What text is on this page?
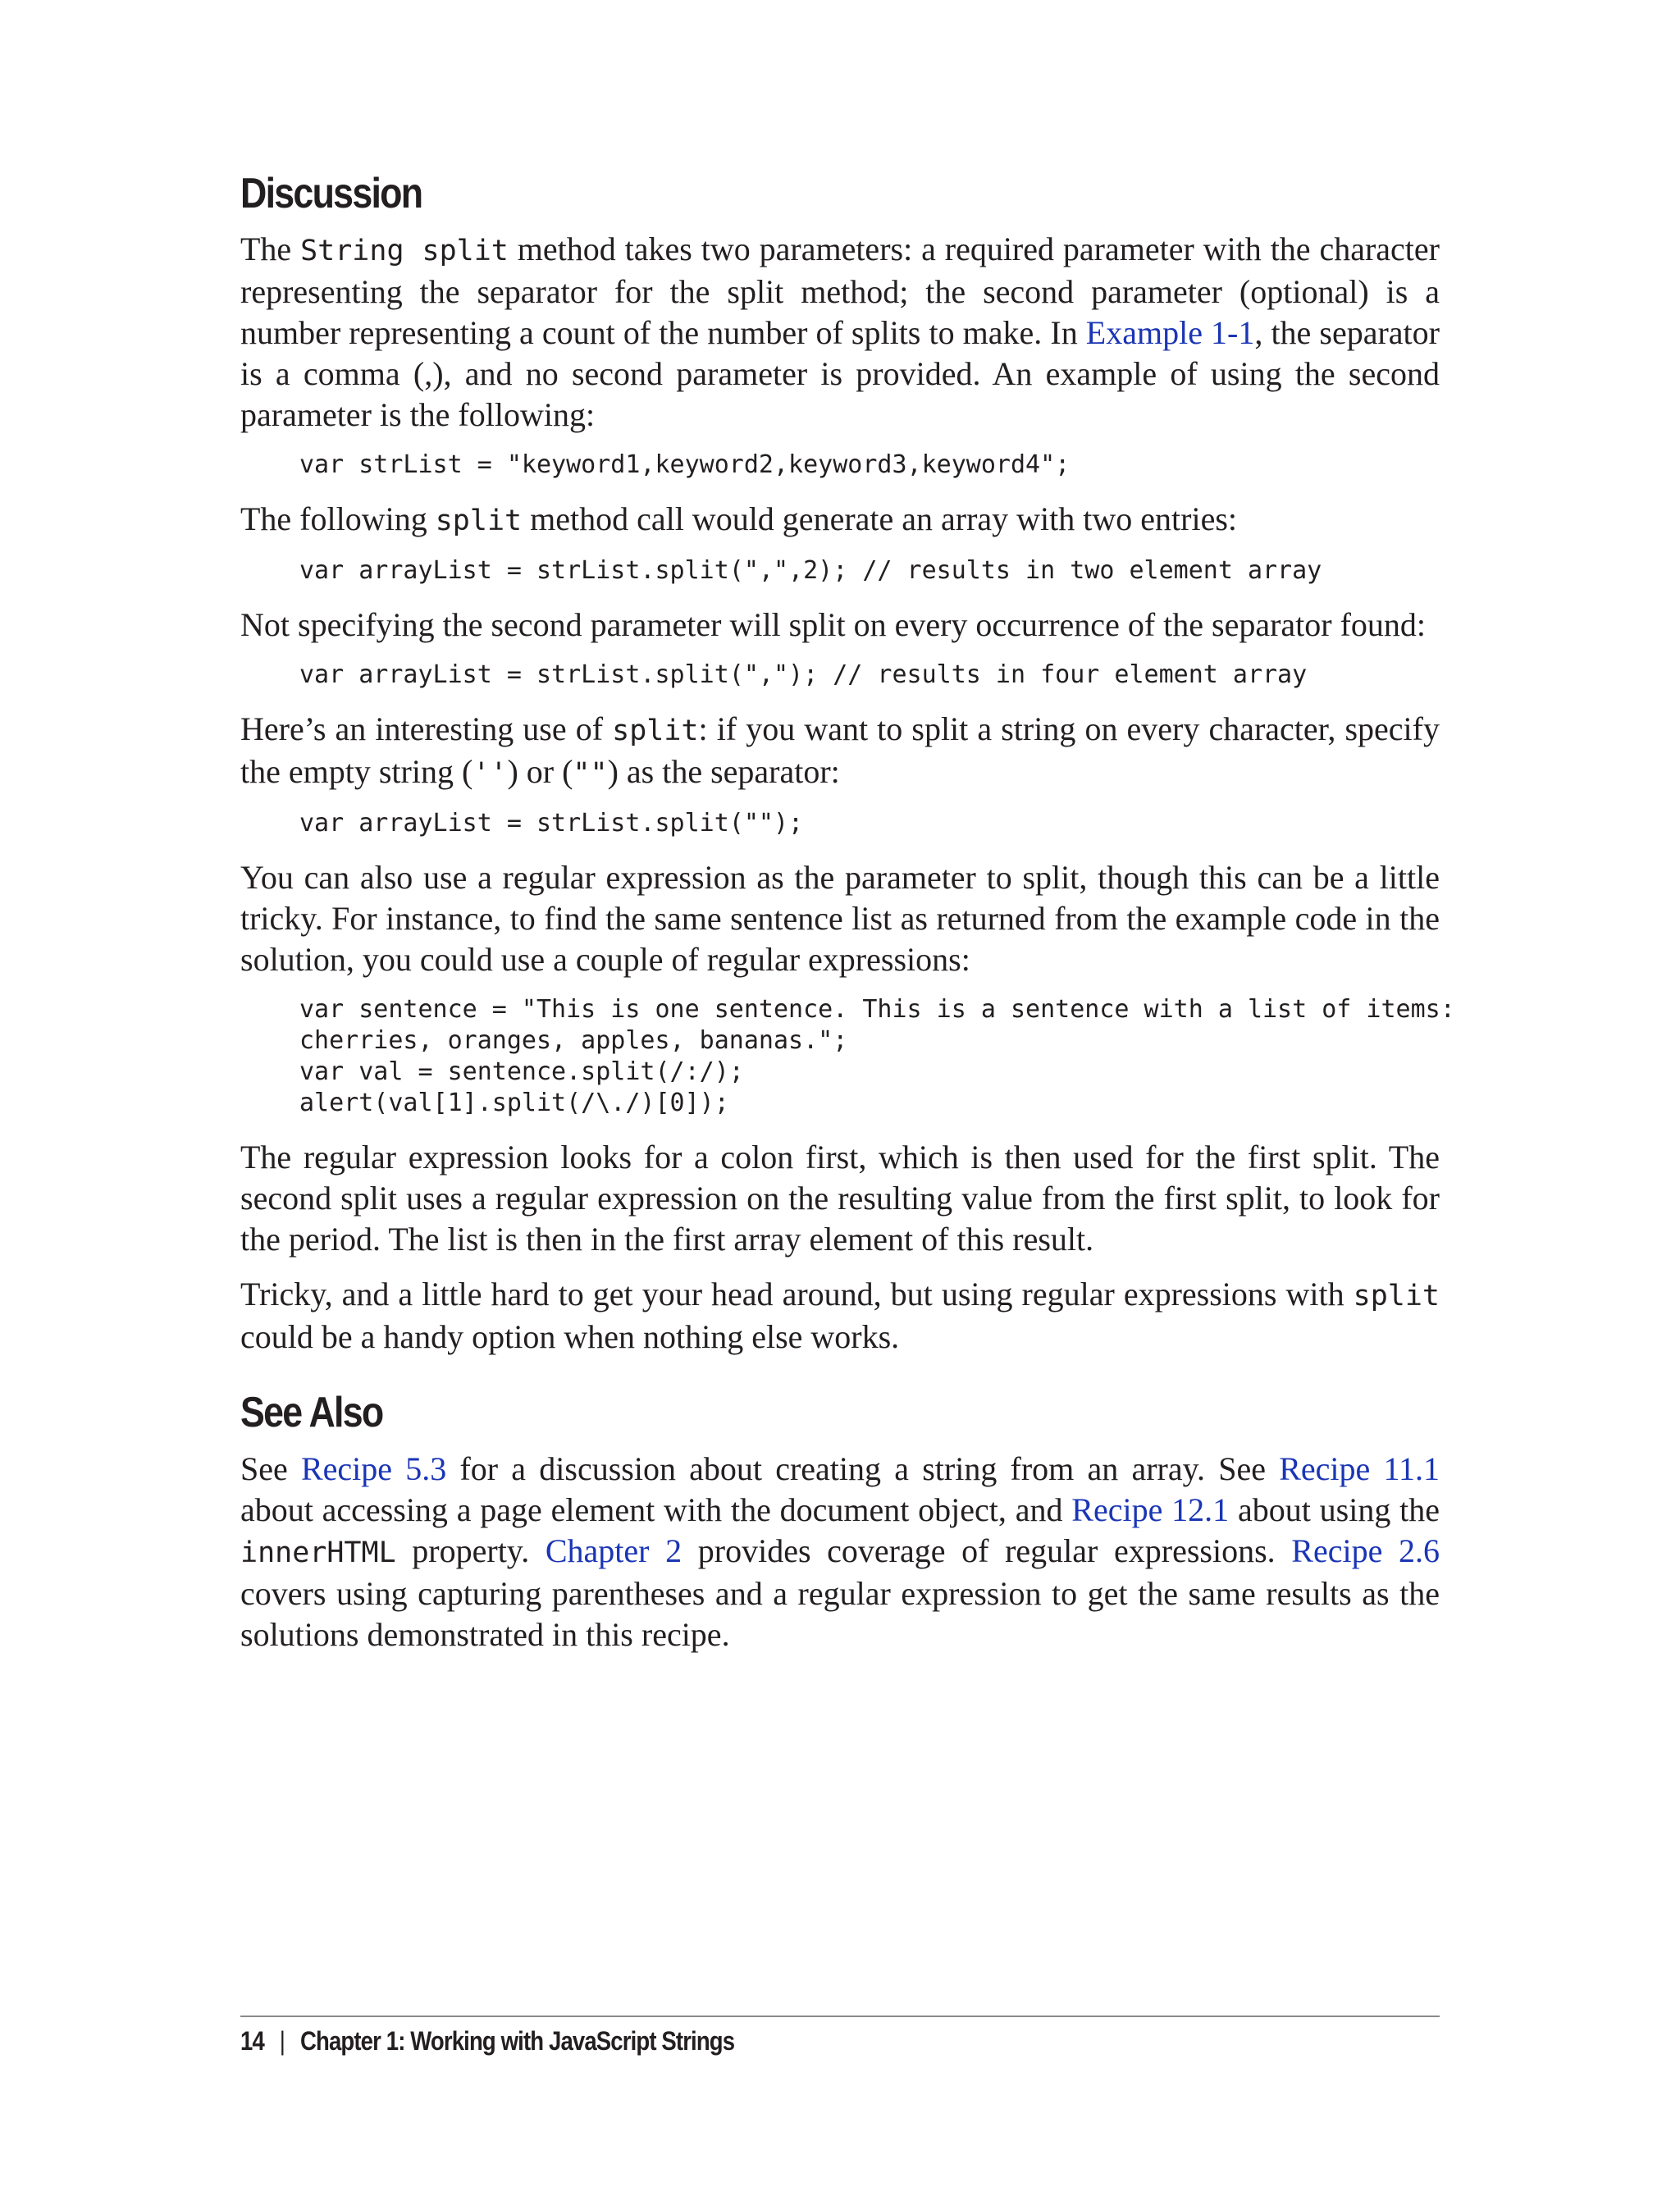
Discussion

The String split method takes two parameters: a required parameter with the character representing the separator for the split method; the second parameter (optional) is a number representing a count of the number of splits to make. In Example 1-1, the separator is a comma (,), and no second parameter is provided. An example of using the second parameter is the following:

var strList = "keyword1,keyword2,keyword3,keyword4";

The following split method call would generate an array with two entries:

var arrayList = strList.split(",",2); // results in two element array

Not specifying the second parameter will split on every occurrence of the separator found:

var arrayList = strList.split(","); // results in four element array

Here’s an interesting use of split: if you want to split a string on every character, specify the empty string ('') or ("") as the separator:

var arrayList = strList.split("");

You can also use a regular expression as the parameter to split, though this can be a little tricky. For instance, to find the same sentence list as returned from the example code in the solution, you could use a couple of regular expressions:

var sentence = "This is one sentence. This is a sentence with a list of items:
cherries, oranges, apples, bananas.";
var val = sentence.split(/:/);
alert(val[1].split(/\./)[0]);

The regular expression looks for a colon first, which is then used for the first split. The second split uses a regular expression on the resulting value from the first split, to look for the period. The list is then in the first array element of this result.

Tricky, and a little hard to get your head around, but using regular expressions with split could be a handy option when nothing else works.

See Also

See Recipe 5.3 for a discussion about creating a string from an array. See Recipe 11.1 about accessing a page element with the document object, and Recipe 12.1 about using the innerHTML property. Chapter 2 provides coverage of regular expressions. Recipe 2.6 covers using capturing parentheses and a regular expression to get the same results as the solutions demonstrated in this recipe.

14 | Chapter 1: Working with JavaScript Strings
